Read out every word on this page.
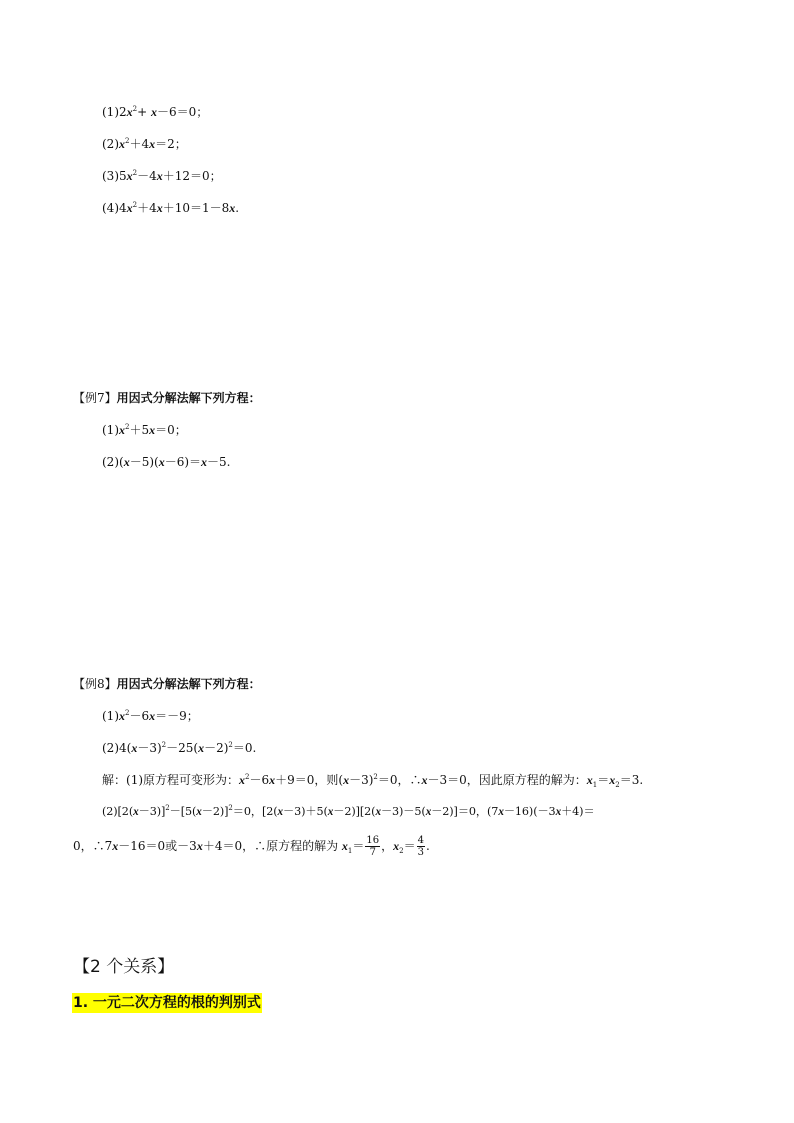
$(1)2x^2+ x-6=0$；
$(2)x^2+4x=2$；
$(3)5x^2-4x+12=0$；
$(4)4x^2+4x+10=1-8x$.
【例7】用因式分解法解下列方程：
$(1)x^2+5x=0$；
(2)(x－5)(x－6)＝x－5.
【例8】用因式分解法解下列方程：
$(1)x^2-6x=-9$；
$(2)4(x-3)^2-25(x-2)^2=0$.
解：(1)原方程可变形为：$x^2-6x+9=0$，则$(x-3)^2=0$，∴x－3＝0，因此原方程的解为：$x_1=x_2=3$.
$(2)[2(x-3)]^2-[5(x-2)]^2=0$，[2(x－3)＋5(x－2)][2(x－3)－5(x－2)]＝0，(7x－16)(－3x＋4)＝
0，∴7x－16＝0或－3x＋4＝0，∴原方程的解为 $x_1= \frac{16}{7}$ ，$x_2= \frac{4}{3}$ .
【2 个关系】
1. 一元二次方程的根的判别式
